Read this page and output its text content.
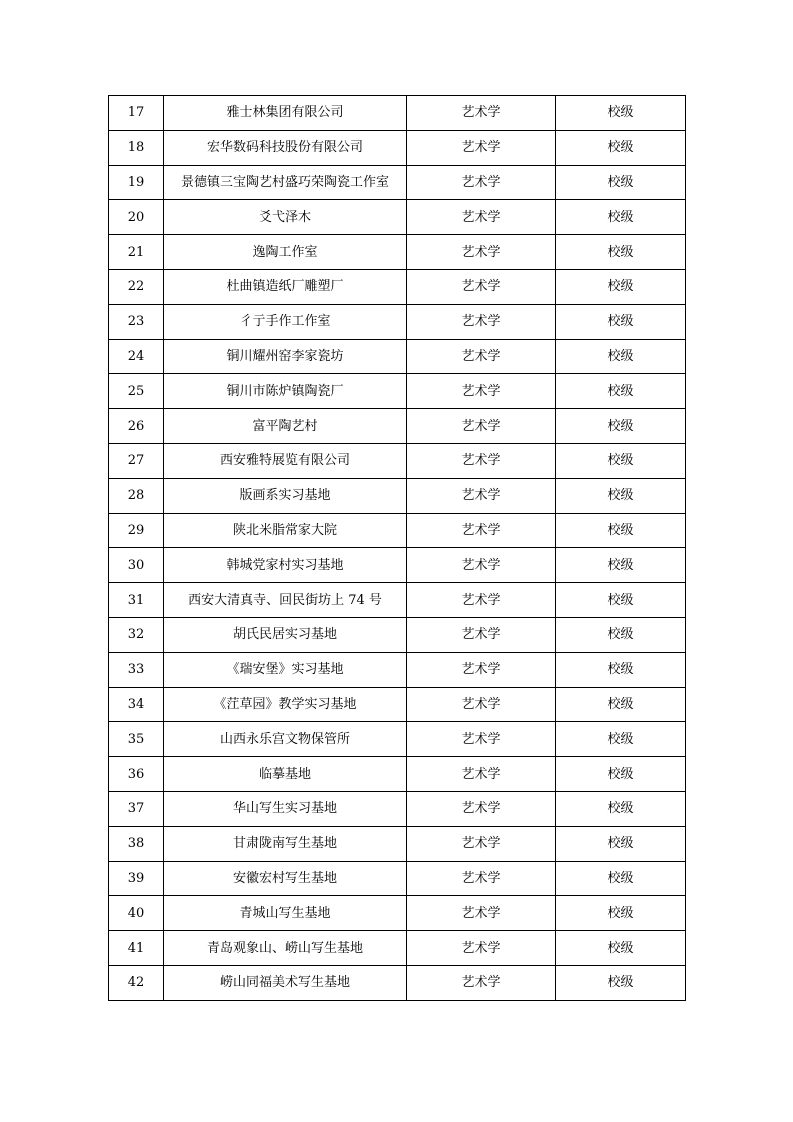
17	雅士林集团有限公司	艺术学	校级
18	宏华数码科技股份有限公司	艺术学	校级
19	景德镇三宝陶艺村盛巧荣陶瓷工作室	艺术学	校级
20	爻弋泽木	艺术学	校级
21	逸陶工作室	艺术学	校级
22	杜曲镇造纸厂雕塑厂	艺术学	校级
23	彳亍手作工作室	艺术学	校级
24	铜川耀州窑李家瓷坊	艺术学	校级
25	铜川市陈炉镇陶瓷厂	艺术学	校级
26	富平陶艺村	艺术学	校级
27	西安雅特展览有限公司	艺术学	校级
28	版画系实习基地	艺术学	校级
29	陕北米脂常家大院	艺术学	校级
30	韩城党家村实习基地	艺术学	校级
31	西安大清真寺、回民街坊上 74 号	艺术学	校级
32	胡氏民居实习基地	艺术学	校级
33	《瑞安堡》实习基地	艺术学	校级
34	《茳草园》教学实习基地	艺术学	校级
35	山西永乐宫文物保管所	艺术学	校级
36	临摹基地	艺术学	校级
37	华山写生实习基地	艺术学	校级
38	甘肃陇南写生基地	艺术学	校级
39	安徽宏村写生基地	艺术学	校级
40	青城山写生基地	艺术学	校级
41	青岛观象山、崂山写生基地	艺术学	校级
42	崂山同福美术写生基地	艺术学	校级
